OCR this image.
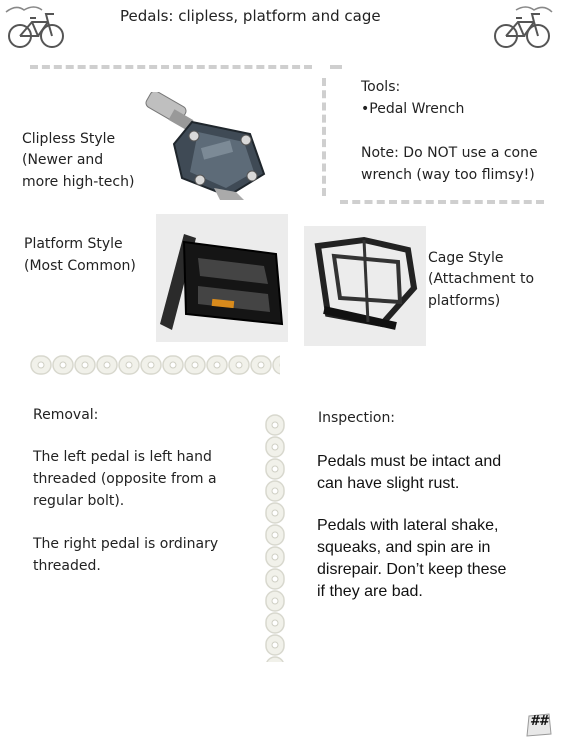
Pedals: clipless, platform and cage
Tools:
•Pedal Wrench
Note: Do NOT use a cone
wrench (way too flimsy!)
Clipless Style
(Newer and
more high-tech)
Platform Style
(Most Common)	Cage Style
(Attachment to
platforms)
Removal:
The left pedal is left hand
threaded (opposite from a
regular bolt).
The right pedal is ordinary
threaded.
Inspection:
Pedals must be intact and
can have slight rust.
Pedals with lateral shake,
squeaks, and spin are in
disrepair. Don’t keep these
if they are bad.
##
